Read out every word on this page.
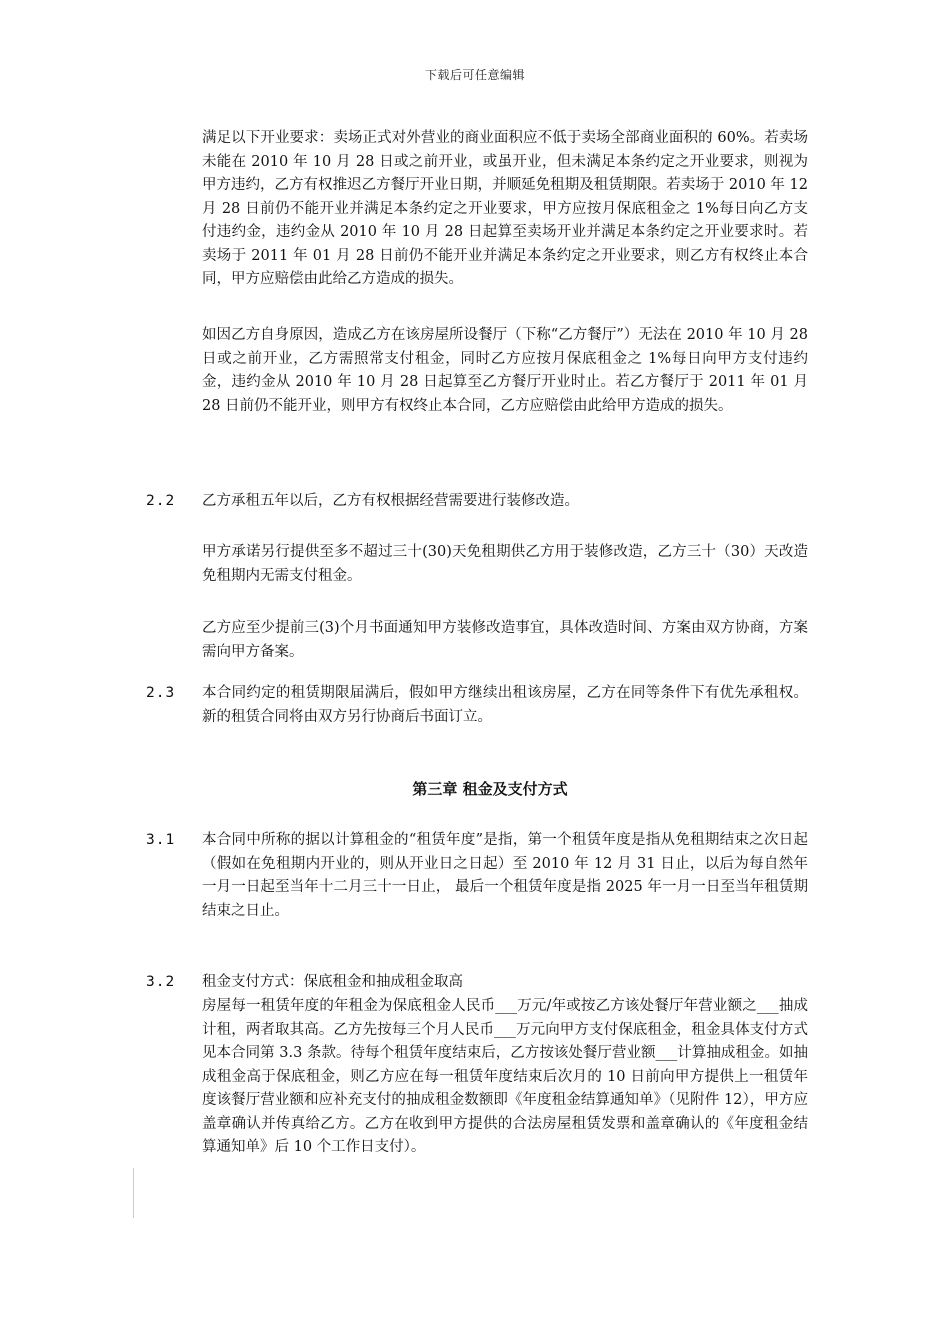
下载后可任意编辑

满足以下开业要求：卖场正式对外营业的商业面积应不低于卖场全部商业面积的 60%。若卖场未能在 2010 年 10 月 28 日或之前开业，或虽开业，但未满足本条约定之开业要求，则视为甲方违约，乙方有权推迟乙方餐厅开业日期，并顺延免租期及租赁期限。若卖场于 2010 年 12 月 28 日前仍不能开业并满足本条约定之开业要求，甲方应按月保底租金之 1%每日向乙方支付违约金，违约金从 2010 年 10 月 28 日起算至卖场开业并满足本条约定之开业要求时。若卖场于 2011 年 01 月 28 日前仍不能开业并满足本条约定之开业要求，则乙方有权终止本合同，甲方应赔偿由此给乙方造成的损失。

如因乙方自身原因，造成乙方在该房屋所设餐厅（下称“乙方餐厅”）无法在 2010 年 10 月 28 日或之前开业，乙方需照常支付租金，同时乙方应按月保底租金之 1%每日向甲方支付违约金，违约金从 2010 年 10 月 28 日起算至乙方餐厅开业时止。若乙方餐厅于 2011 年 01 月 28 日前仍不能开业，则甲方有权终止本合同，乙方应赔偿由此给甲方造成的损失。

2.2 乙方承租五年以后，乙方有权根据经营需要进行装修改造。

甲方承诺另行提供至多不超过三十(30)天免租期供乙方用于装修改造，乙方三十（30）天改造免租期内无需支付租金。

乙方应至少提前三(3)个月书面通知甲方装修改造事宜，具体改造时间、方案由双方协商，方案需向甲方备案。

2.3 本合同约定的租赁期限届满后，假如甲方继续出租该房屋，乙方在同等条件下有优先承租权。新的租赁合同将由双方另行协商后书面订立。

第三章 租金及支付方式
3.1 本合同中所称的据以计算租金的“租赁年度”是指，第一个租赁年度是指从免租期结束之次日起（假如在免租期内开业的，则从开业日之日起）至 2010 年 12 月 31 日止，以后为每自然年一月一日起至当年十二月三十一日止， 最后一个租赁年度是指 2025 年一月一日至当年租赁期结束之日止。

3.2 租金支付方式：保底租金和抽成租金取高

房屋每一租赁年度的年租金为保底租金人民币___万元/年或按乙方该处餐厅年营业额之___抽成计租，两者取其高。乙方先按每三个月人民币___万元向甲方支付保底租金，租金具体支付方式见本合同第 3.3 条款。待每个租赁年度结束后，乙方按该处餐厅营业额___计算抽成租金。如抽成租金高于保底租金，则乙方应在每一租赁年度结束后次月的 10 日前向甲方提供上一租赁年度该餐厅营业额和应补充支付的抽成租金数额即《年度租金结算通知单》（见附件 12），甲方应盖章确认并传真给乙方。乙方在收到甲方提供的合法房屋租赁发票和盖章确认的《年度租金结算通知单》后 10 个工作日支付）。
